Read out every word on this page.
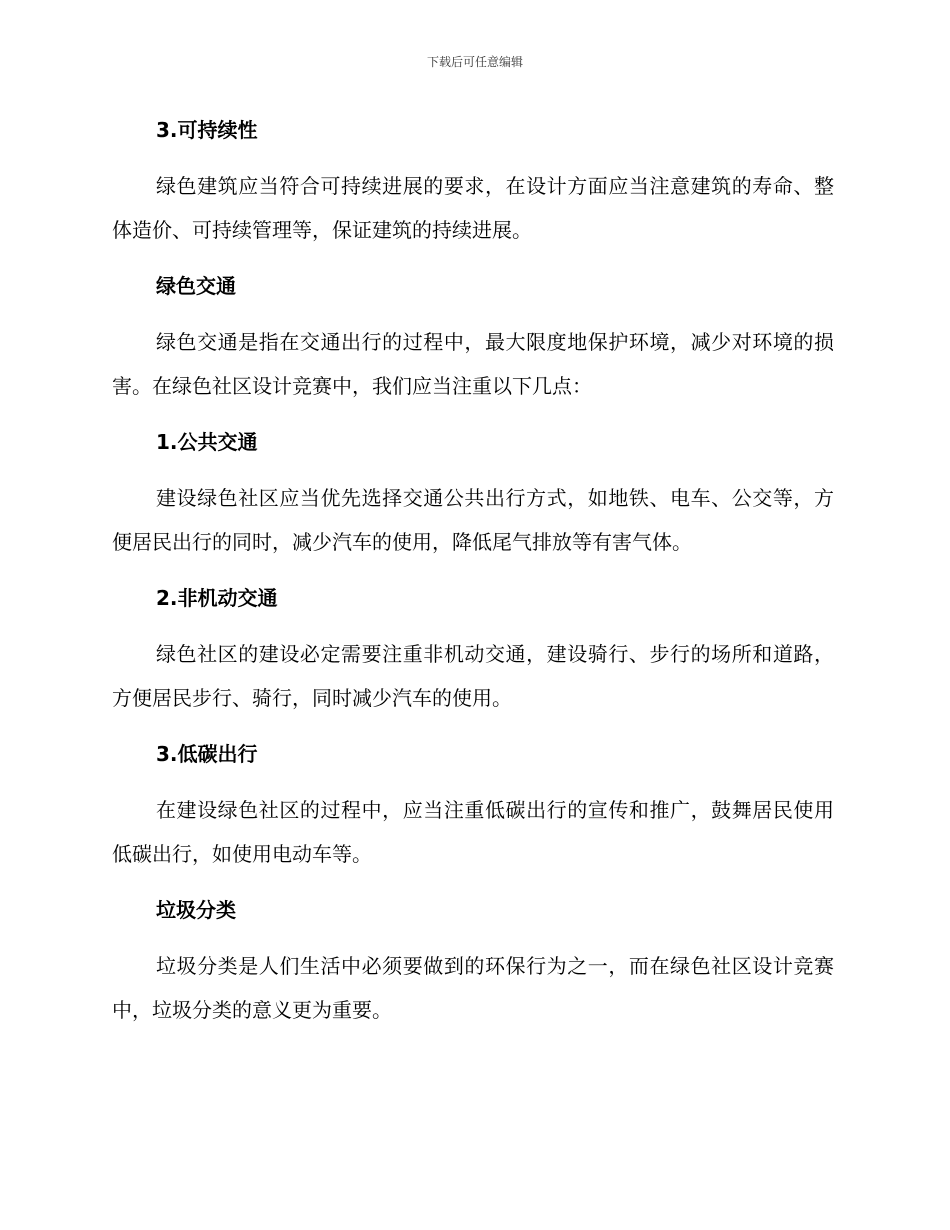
下载后可任意编辑
3.可持续性

绿色建筑应当符合可持续进展的要求，在设计方面应当注意建筑的寿命、整体造价、可持续管理等，保证建筑的持续进展。

绿色交通

绿色交通是指在交通出行的过程中，最大限度地保护环境，减少对环境的损害。在绿色社区设计竞赛中，我们应当注重以下几点：

1.公共交通

建设绿色社区应当优先选择交通公共出行方式，如地铁、电车、公交等，方便居民出行的同时，减少汽车的使用，降低尾气排放等有害气体。

2.非机动交通

绿色社区的建设必定需要注重非机动交通，建设骑行、步行的场所和道路，方便居民步行、骑行，同时减少汽车的使用。

3.低碳出行

在建设绿色社区的过程中，应当注重低碳出行的宣传和推广，鼓舞居民使用低碳出行，如使用电动车等。

垃圾分类

垃圾分类是人们生活中必须要做到的环保行为之一，而在绿色社区设计竞赛中，垃圾分类的意义更为重要。
